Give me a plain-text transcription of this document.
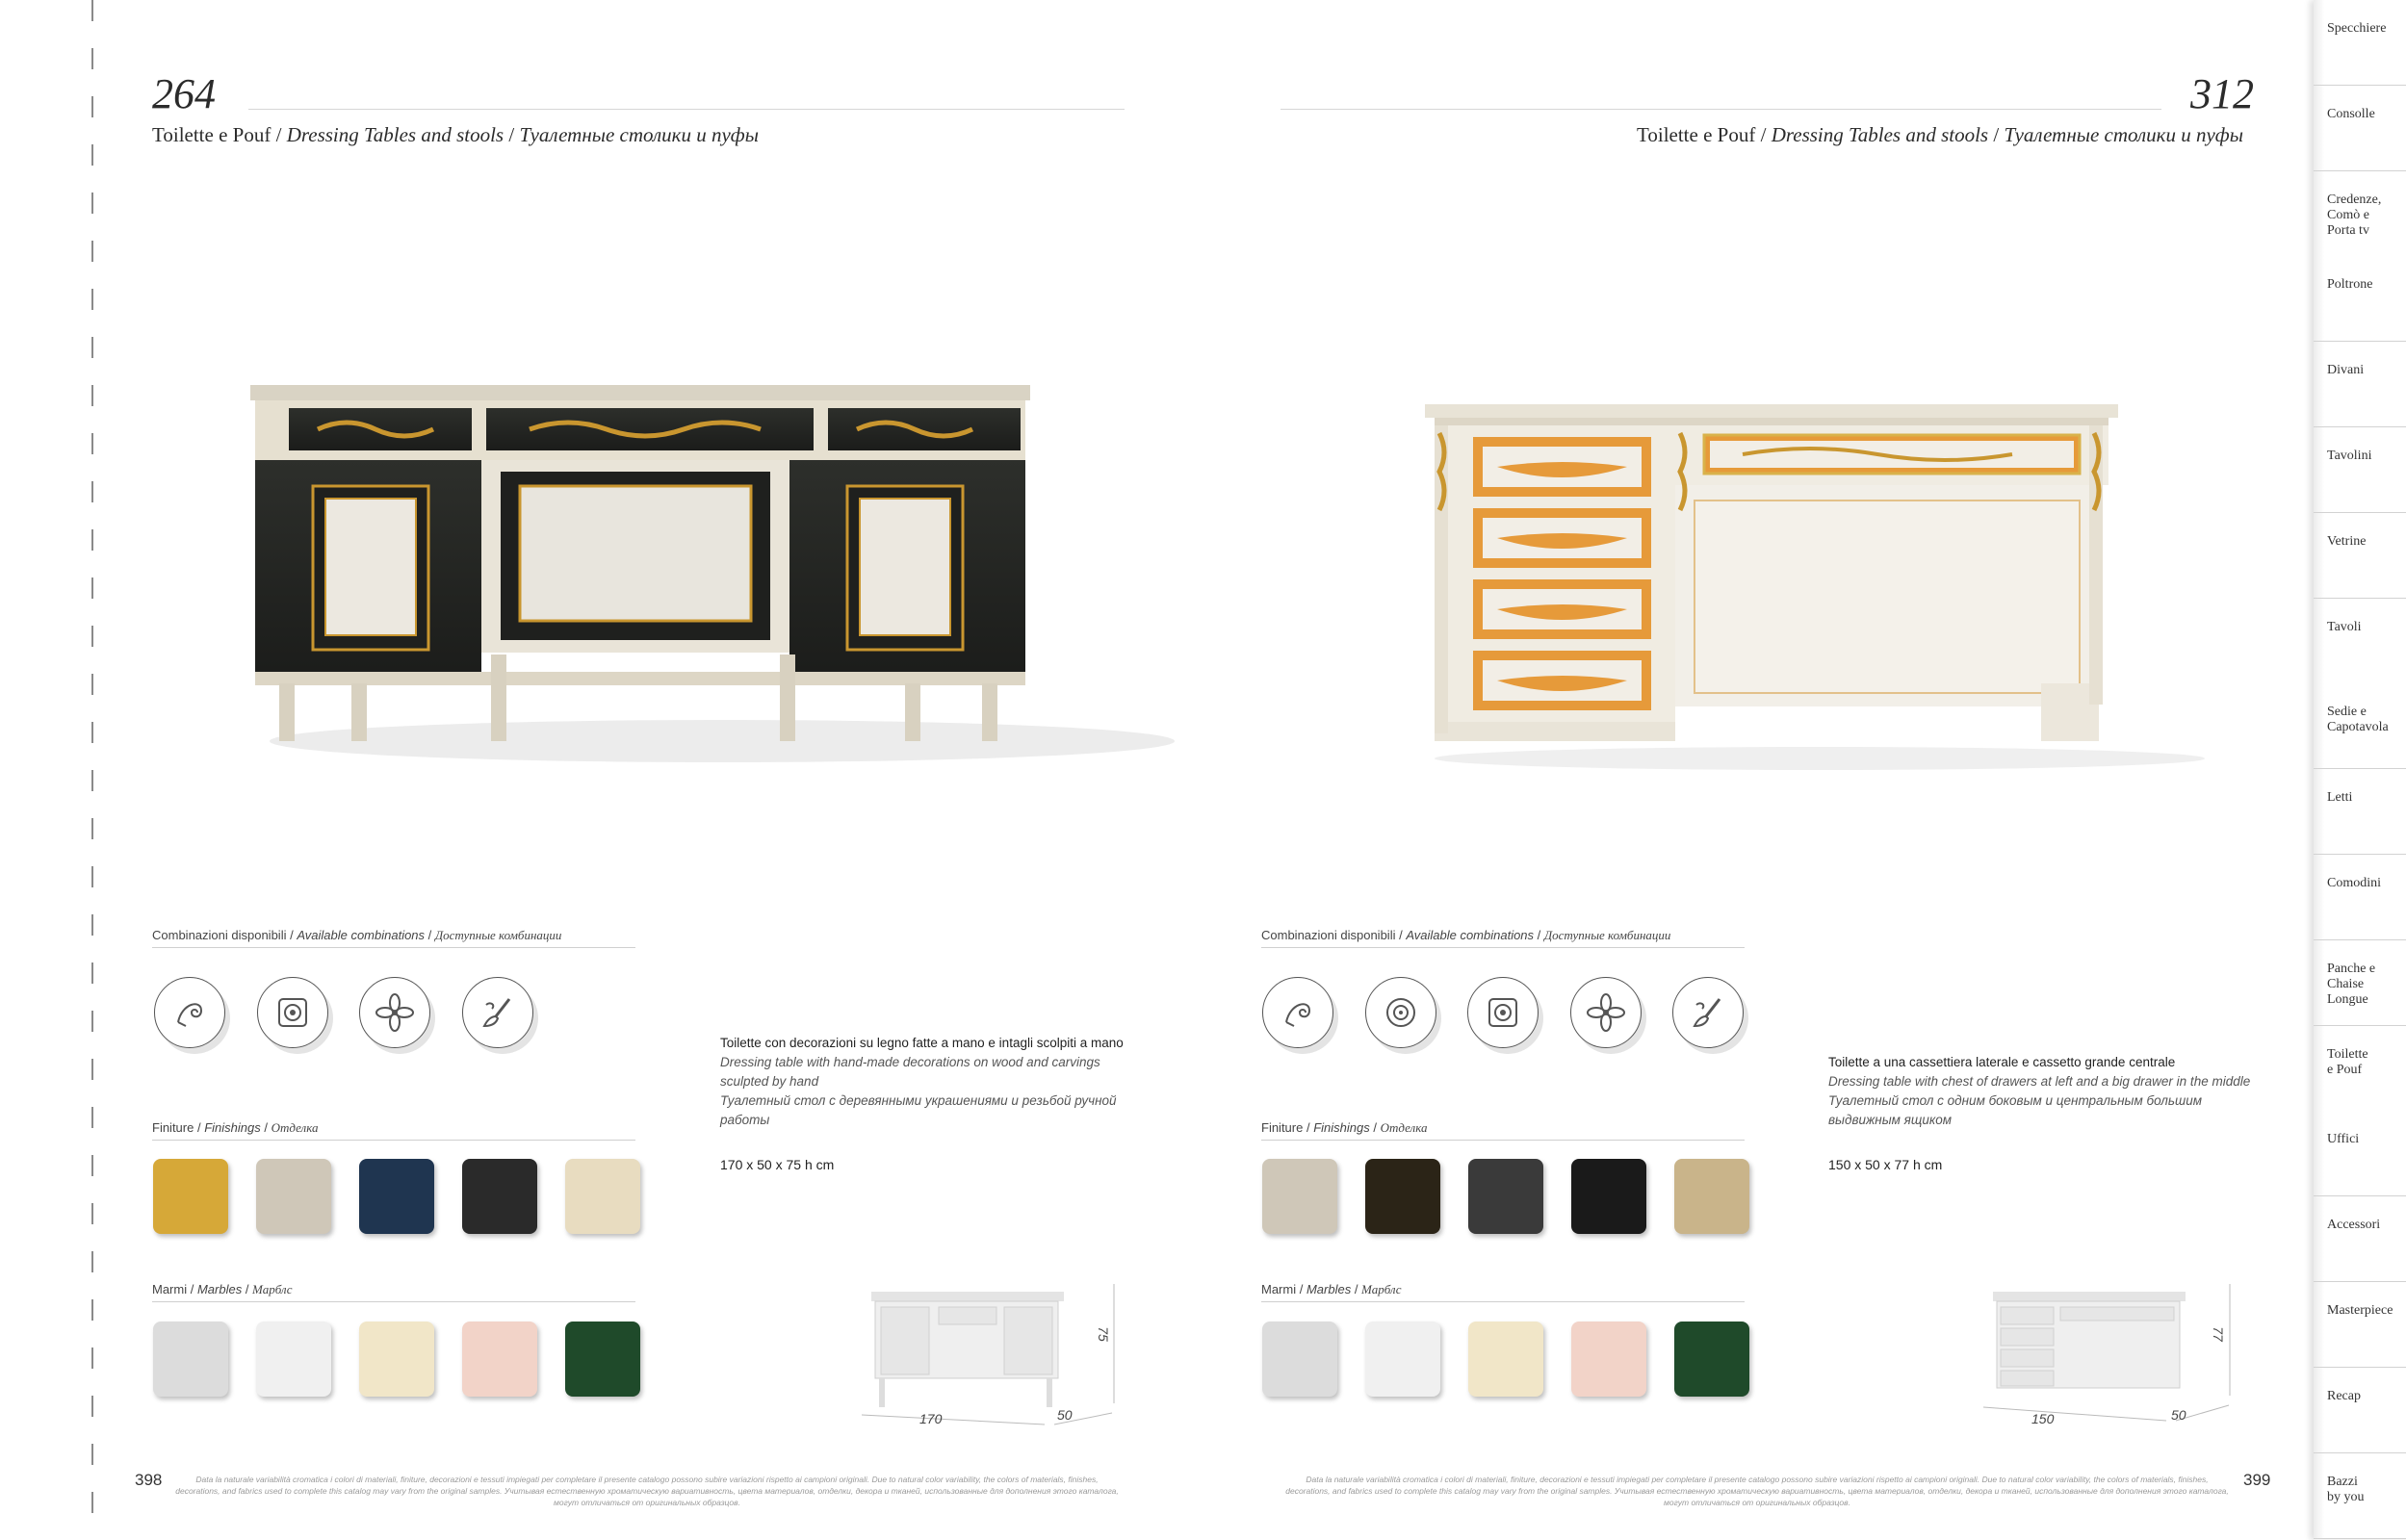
264
Toilette e Pouf / Dressing Tables and stools / Туалетные столики и пуфы
312
Toilette e Pouf / Dressing Tables and stools / Туалетные столики и пуфы
Combinazioni disponibili / Available combinations / Доступные комбинации
Finiture / Finishings / Отделка
Marmi / Marbles / Марблс
Toilette con decorazioni su legno fatte a mano e intagli scolpiti a mano
Dressing table with hand-made decorations on wood and carvings sculpted by hand
Туалетный стол с деревянными украшениями и резьбой ручной работы
170 x 50 x 75 h cm
170	50
75
Combinazioni disponibili / Available combinations / Доступные комбинации
Finiture / Finishings / Отделка
Marmi / Marbles / Марблс
Toilette a una cassettiera laterale e cassetto grande centrale
Dressing table with chest of drawers at left and a big drawer in the middle
Туалетный стол с одним боковым и центральным большим выдвижным ящиком
150 x 50 x 77 h cm
150	50
77
398	Data la naturale variabilità cromatica i colori di materiali, finiture, decorazioni e tessuti impiegati per completare il presente catalogo possono subire variazioni rispetto ai campioni originali. Due to natural color variability, the colors of materials, finishes, decorations, and fabrics used to complete this catalog may vary from the original samples. Учитывая естественную хроматическую вариативность, цвета материалов, отделки, декора и тканей, использованные для дополнения этого каталога, могут отличаться от оригинальных образцов.
Data la naturale variabilità cromatica i colori di materiali, finiture, decorazioni e tessuti impiegati per completare il presente catalogo possono subire variazioni rispetto ai campioni originali. Due to natural color variability, the colors of materials, finishes, decorations, and fabrics used to complete this catalog may vary from the original samples. Учитывая естественную хроматическую вариативность, цвета материалов, отделки, декора и тканей, использованные для дополнения этого каталога, могут отличаться от оригинальных образцов.
399
Specchiere
Consolle
Credenze,
Comò e
Porta tv
Poltrone
Divani
Tavolini
Vetrine
Tavoli
Sedie e
Capotavola
Letti
Comodini
Panche e
Chaise
Longue
Toilette
e Pouf
Uffici
Accessori
Masterpiece
Recap
Bazzi
by you
